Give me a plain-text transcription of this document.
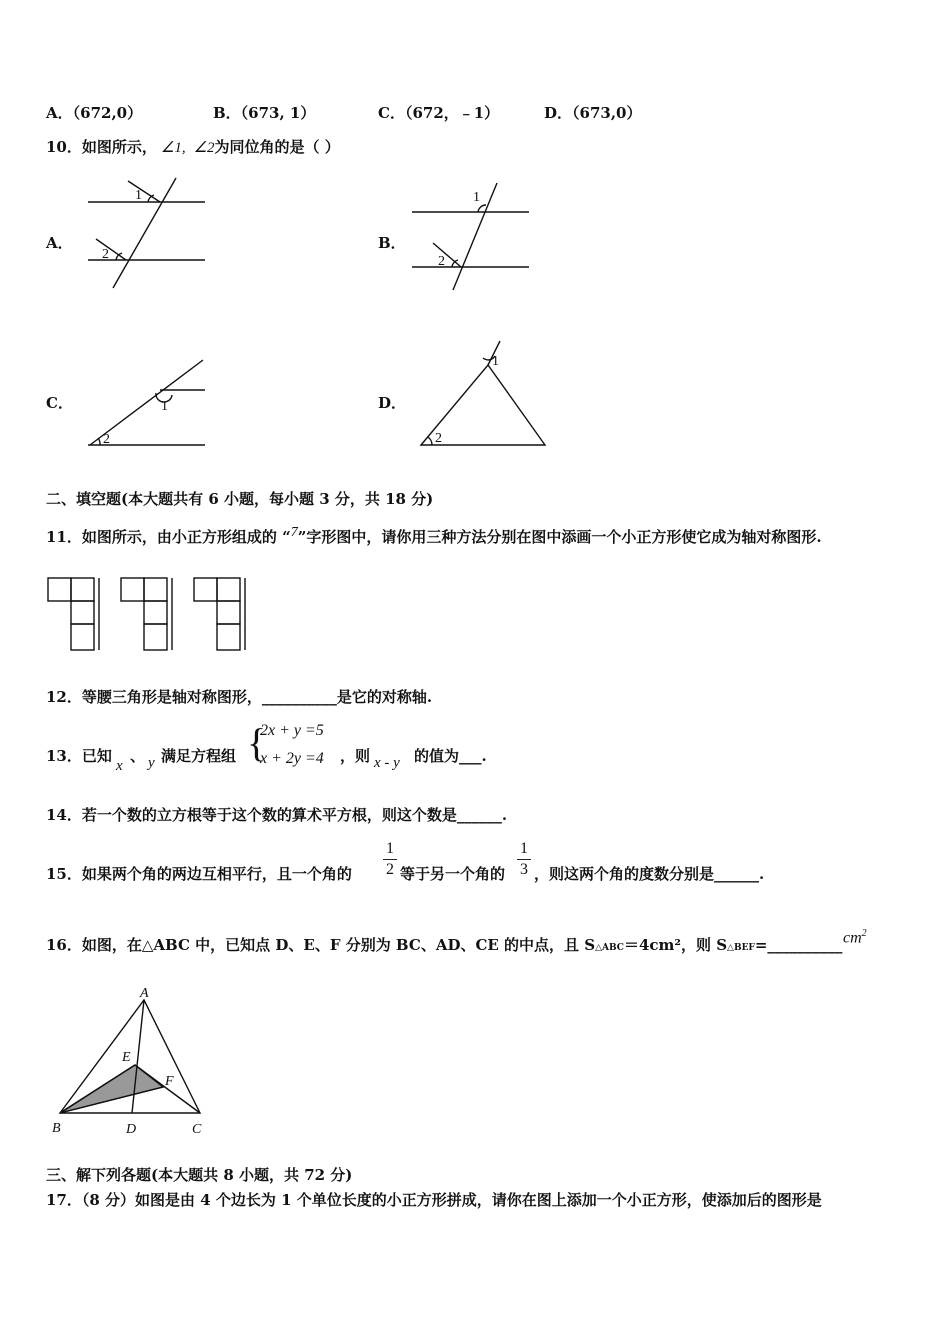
A．（672,0）	B．（673, 1）	C．（672，﹣1）	D．（673,0）
10．如图所示， ∠1, ∠2为同位角的是（ ）
A．	B．
C．	D．
1
2
1
2
1
2
1
2
二、填空题(本大题共有 6 小题，每小题 3 分，共 18 分)
11．如图所示，由小正方形组成的 “7”字形图中，请你用三种方法分别在图中添画一个小正方形使它成为轴对称图形.
12．等腰三角形是轴对称图形，__________是它的对称轴.
13．已知
x
、 y 满足方程组 {
2x + y =5
x + 2y =4 ，则 x - y 的值为___.
14．若一个数的立方根等于这个数的算术平方根，则这个数是______.
15．如果两个角的两边互相平行，且一个角的
1
2 等于另一个角的
1
3 ，则这两个角的度数分别是______.
16．如图，在△ABC 中，已知点 D、E、F 分别为 BC、AD、CE 的中点，且 S△ABC＝4cm²，则 S△BEF=__________ $cm^2$
A
B	C
D
E
F
三、解下列各题(本大题共 8 小题，共 72 分)
17．（8 分）如图是由 4 个边长为 1 个单位长度的小正方形拼成，请你在图上添加一个小正方形，使添加后的图形是
